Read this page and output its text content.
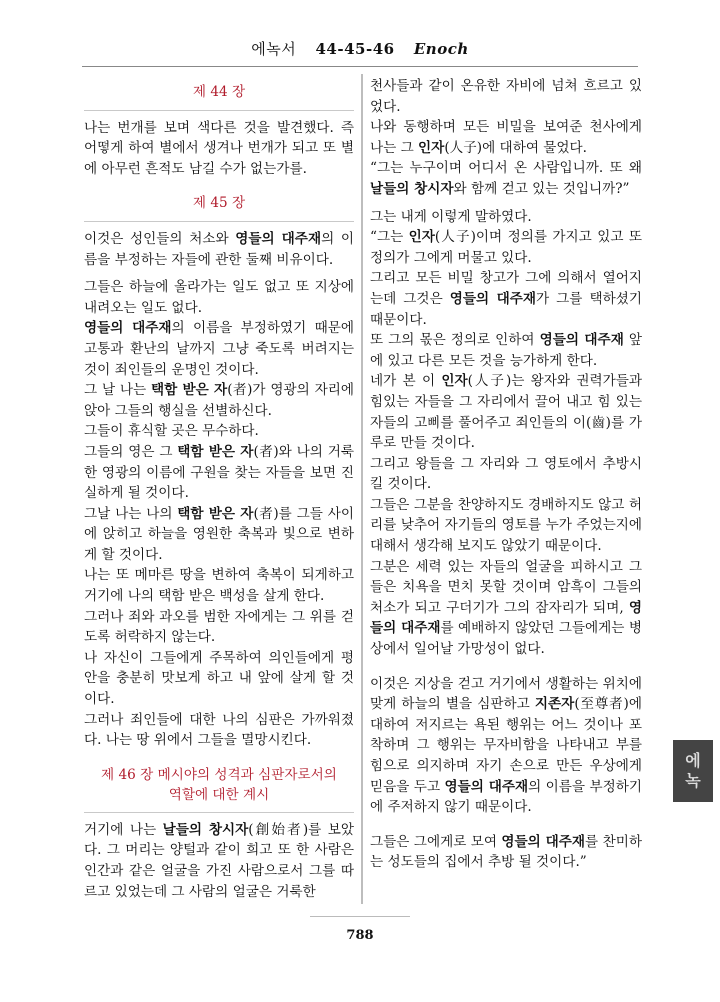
에녹서 44-45-46 Enoch
제 44 장

나는 번개를 보며 색다른 것을 발견했다. 즉 어떻게 하여 별에서 생겨나 번개가 되고 또 별에 아무런 흔적도 남길 수가 없는가를.

제 45 장

이것은 성인들의 처소와 영들의 대주재의 이름을 부정하는 자들에 관한 둘째 비유이다.

그들은 하늘에 올라가는 일도 없고 또 지상에 내려오는 일도 없다.

영들의 대주재의 이름을 부정하였기 때문에 고통과 환난의 날까지 그냥 죽도록 버려지는 것이 죄인들의 운명인 것이다.

그 날 나는 택함 받은 자(者)가 영광의 자리에 앉아 그들의 행실을 선별하신다.

그들이 휴식할 곳은 무수하다.

그들의 영은 그 택함 받은 자(者)와 나의 거룩한 영광의 이름에 구원을 찾는 자들을 보면 진실하게 될 것이다.

그날 나는 나의 택함 받은 자(者)를 그들 사이에 앉히고 하늘을 영원한 축복과 빛으로 변하게 할 것이다.

나는 또 메마른 땅을 변하여 축복이 되게하고 거기에 나의 택함 받은 백성을 살게 한다.

그러나 죄와 과오를 범한 자에게는 그 위를 걷도록 허락하지 않는다.

나 자신이 그들에게 주목하여 의인들에게 평안을 충분히 맛보게 하고 내 앞에 살게 할 것이다.

그러나 죄인들에 대한 나의 심판은 가까워졌다. 나는 땅 위에서 그들을 멸망시킨다.

제 46 장 메시야의 성격과 심판자로서의
역할에 대한 계시

거기에 나는 날들의 창시자(創始者)를 보았다. 그 머리는 양털과 같이 희고 또 한 사람은 인간과 같은 얼굴을 가진 사람으로서 그를 따르고 있었는데 그 사람의 얼굴은 거룩한

천사들과 같이 온유한 자비에 넘쳐 흐르고 있었다.

나와 동행하며 모든 비밀을 보여준 천사에게 나는 그 인자(人子)에 대하여 물었다.

“그는 누구이며 어디서 온 사람입니까. 또 왜 날들의 창시자와 함께 걷고 있는 것입니까?”

그는 내게 이렇게 말하였다.

“그는 인자(人子)이며 정의를 가지고 있고 또 정의가 그에게 머물고 있다.

그리고 모든 비밀 창고가 그에 의해서 열어지는데 그것은 영들의 대주재가 그를 택하셨기 때문이다.

또 그의 몫은 정의로 인하여 영들의 대주재 앞에 있고 다른 모든 것을 능가하게 한다.

네가 본 이 인자(人子)는 왕자와 권력가들과 힘있는 자들을 그 자리에서 끌어 내고 힘 있는 자들의 고삐를 풀어주고 죄인들의 이(齒)를 가루로 만들 것이다.

그리고 왕들을 그 자리와 그 영토에서 추방시킬 것이다.

그들은 그분을 찬양하지도 경배하지도 않고 허리를 낮추어 자기들의 영토를 누가 주었는지에 대해서 생각해 보지도 않았기 때문이다.

그분은 세력 있는 자들의 얼굴을 피하시고 그들은 치욕을 면치 못할 것이며 암흑이 그들의 처소가 되고 구더기가 그의 잠자리가 되며, 영들의 대주재를 예배하지 않았던 그들에게는 병상에서 일어날 가망성이 없다.

이것은 지상을 걷고 거기에서 생활하는 위치에 맞게 하늘의 별을 심판하고 지존자(至尊者)에 대하여 저지르는 욕된 행위는 어느 것이나 포착하며 그 행위는 무자비함을 나타내고 부를 힘으로 의지하며 자기 손으로 만든 우상에게 믿음을 두고 영들의 대주재의 이름을 부정하기에 주저하지 않기 때문이다.

그들은 그에게로 모여 영들의 대주재를 찬미하는 성도들의 집에서 추방 될 것이다.”

788
에
녹
